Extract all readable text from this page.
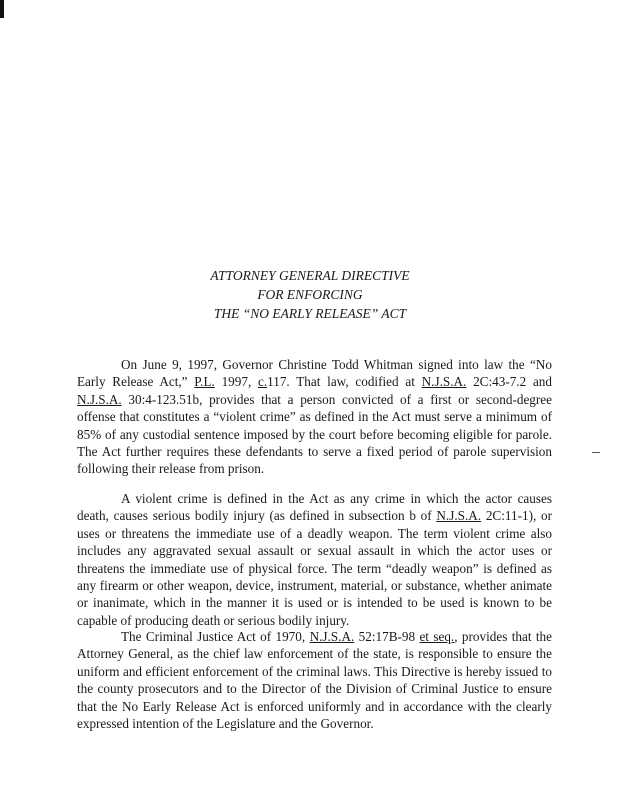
ATTORNEY GENERAL DIRECTIVE
FOR ENFORCING
THE “NO EARLY RELEASE” ACT

On June 9, 1997, Governor Christine Todd Whitman signed into law the “No Early Release Act,” P.L. 1997, c.117. That law, codified at N.J.S.A. 2C:43-7.2 and N.J.S.A. 30:4-123.51b, provides that a person convicted of a first or second-degree offense that constitutes a “violent crime” as defined in the Act must serve a minimum of 85% of any custodial sentence imposed by the court before becoming eligible for parole. The Act further requires these defendants to serve a fixed period of parole supervision following their release from prison.

A violent crime is defined in the Act as any crime in which the actor causes death, causes serious bodily injury (as defined in subsection b of N.J.S.A. 2C:11-1), or uses or threatens the immediate use of a deadly weapon. The term violent crime also includes any aggravated sexual assault or sexual assault in which the actor uses or threatens the immediate use of physical force. The term “deadly weapon” is defined as any firearm or other weapon, device, instrument, material, or substance, whether animate or inanimate, which in the manner it is used or is intended to be used is known to be capable of producing death or serious bodily injury.

The Criminal Justice Act of 1970, N.J.S.A. 52:17B-98 et seq., provides that the Attorney General, as the chief law enforcement of the state, is responsible to ensure the uniform and efficient enforcement of the criminal laws. This Directive is hereby issued to the county prosecutors and to the Director of the Division of Criminal Justice to ensure that the No Early Release Act is enforced uniformly and in accordance with the clearly expressed intention of the Legislature and the Governor.
